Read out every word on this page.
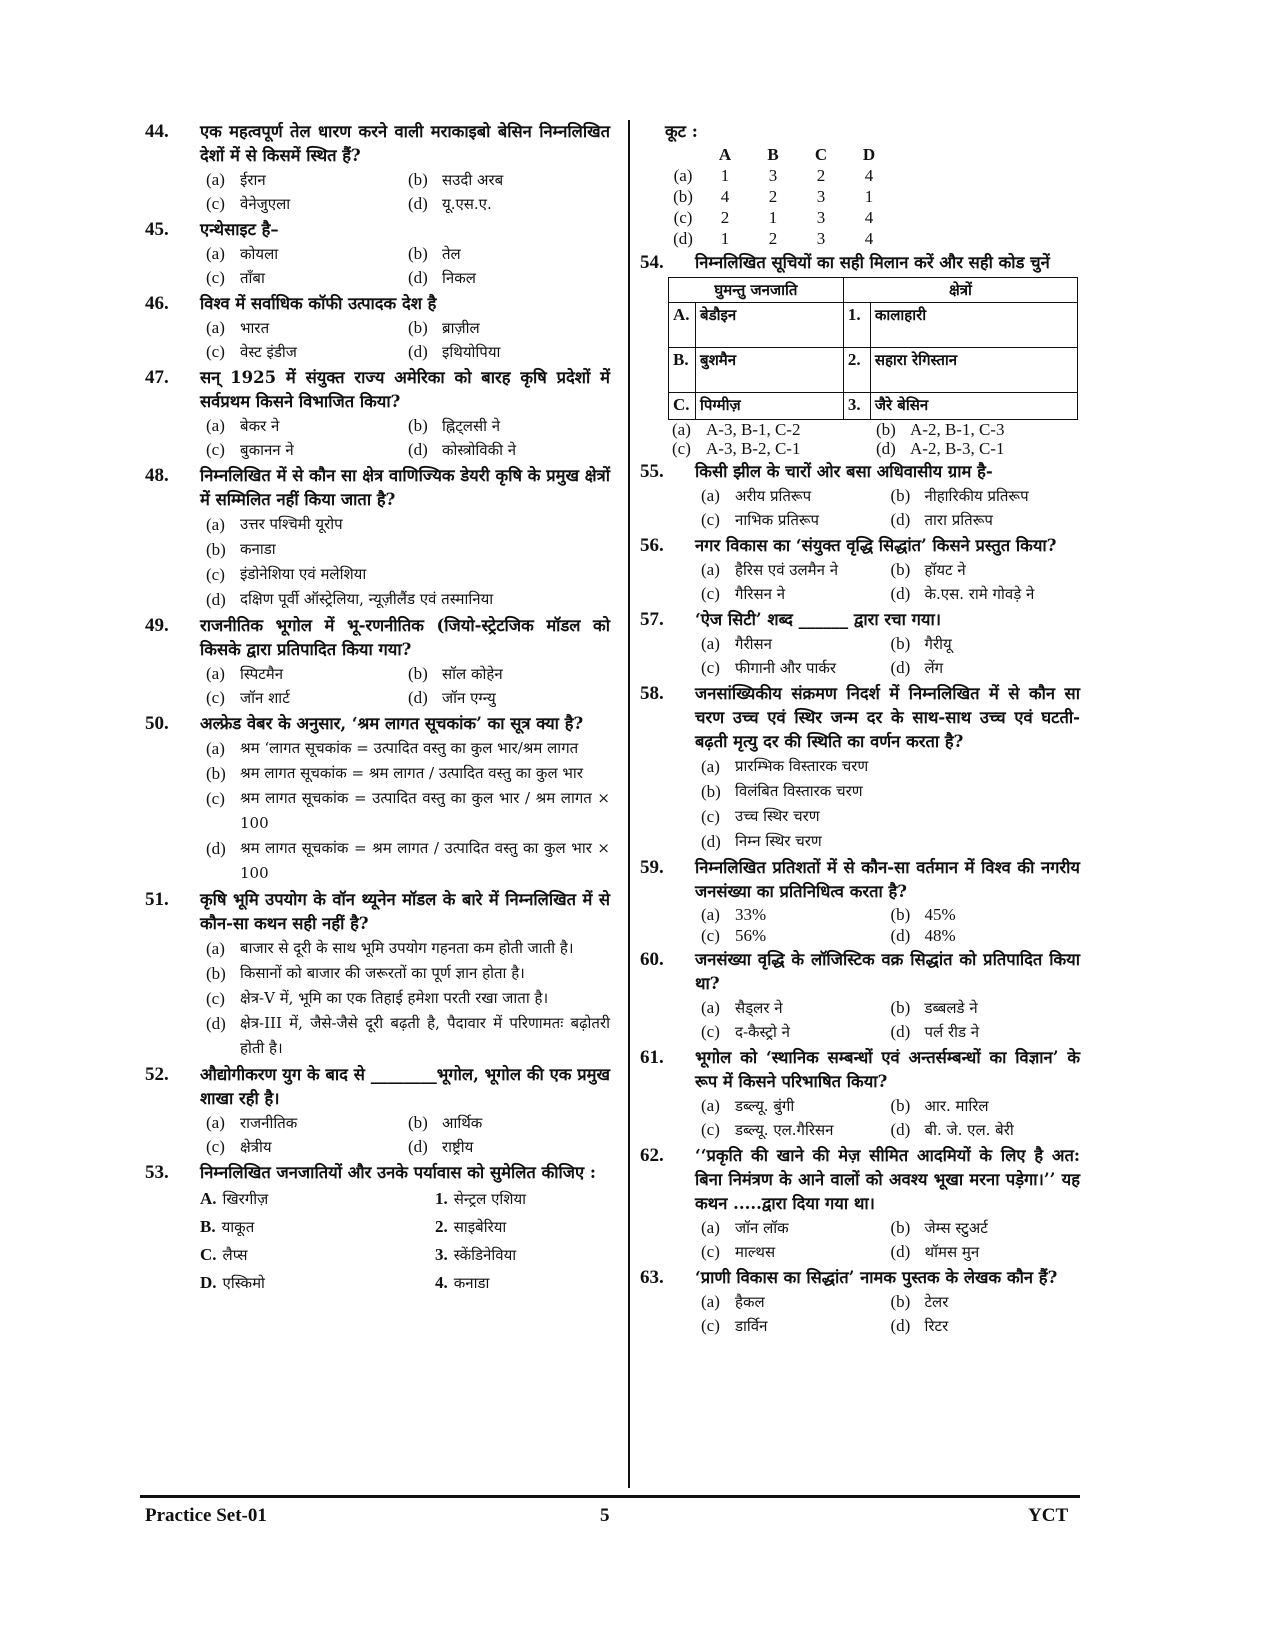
44. एक महत्वपूर्ण तेल धारण करने वाली मराकाइबो बेसिन निम्नलिखित देशों में से किसमें स्थित हैं?
(a)	ईरान	(b) सउदी अरब
(c)	वेनेजुएला	(d) यू.एस.ए.
45. एन्थेसाइट है–
(a)	कोयला	(b) तेल
(c)	ताँबा	(d) निकल
46. विश्व में सर्वाधिक कॉफी उत्पादक देश है
(a)	भारत	(b) ब्राज़ील
(c)	वेस्ट इंडीज	(d) इथियोपिया
47. सन् 1925 में संयुक्त राज्य अमेरिका को बारह कृषि प्रदेशों में सर्वप्रथम किसने विभाजित किया?
(a)	बेकर ने	(b) ह्निट्लसी ने
(c)	बुकानन ने	(d) कोस्त्रोविकी ने
48. निम्नलिखित में से कौन सा क्षेत्र वाणिज्यिक डेयरी कृषि के प्रमुख क्षेत्रों में सम्मिलित नहीं किया जाता है?
(a)	उत्तर पश्चिमी यूरोप
(b) कनाडा
(c)	इंडोनेशिया एवं मलेशिया
(d) दक्षिण पूर्वी ऑस्ट्रेलिया, न्यूज़ीलैंड एवं तस्मानिया
49. राजनीतिक भूगोल में भू-रणनीतिक (जियो-स्ट्रेटजिक मॉडल को किसके द्वारा प्रतिपादित किया गया?
(a)	स्पिटमैन	(b) सॉल कोहेन
(c)	जॉन शार्ट	(d) जॉन एग्न्यु
50. अल्फ्रेड वेबर के अनुसार, ‘श्रम लागत सूचकांक’ का सूत्र क्या है?
(a)	श्रम ‘लागत सूचकांक = उत्पादित वस्तु का कुल भार/श्रम लागत
(b) श्रम लागत सूचकांक = श्रम लागत / उत्पादित वस्तु का कुल भार
(c)	श्रम लागत सूचकांक = उत्पादित वस्तु का कुल भार / श्रम लागत × 100
(d) श्रम लागत सूचकांक = श्रम लागत / उत्पादित वस्तु का कुल भार × 100
51. कृषि भूमि उपयोग के वॉन थ्यूनेन मॉडल के बारे में निम्नलिखित में से कौन-सा कथन सही नहीं है?
(a)	बाजार से दूरी के साथ भूमि उपयोग गहनता कम होती जाती है।
(b) किसानों को बाजार की जरूरतों का पूर्ण ज्ञान होता है।
(c)	क्षेत्र-V में, भूमि का एक तिहाई हमेशा परती रखा जाता है।
(d) क्षेत्र-III में, जैसे-जैसे दूरी बढ़ती है, पैदावार में परिणामतः बढ़ोतरी होती है।
52. औद्योगीकरण युग के बाद से ________भूगोल, भूगोल की एक प्रमुख शाखा रही है।
(a)	राजनीतिक	(b) आर्थिक
(c)	क्षेत्रीय	(d) राष्ट्रीय
53. निम्नलिखित जनजातियों और उनके पर्यावास को सुमेलित कीजिए :
A. खिरगीज़	1. सेन्ट्रल एशिया
B. याकूत	2. साइबेरिया
C. लैप्स	3. स्केंडिनेविया
D. एस्किमो	4. कनाडा
कूट :
A	B	C	D
(a)	1	3	2	4
(b)	4	2	3	1
(c)	2	1	3	4
(d)	1	2	3	4
54. निम्नलिखित सूचियों का सही मिलान करें और सही कोड चुनें
घुमन्तु जनजाति		क्षेत्रों	
A.	बेडौइन	1.	कालाहारी
B.	बुशमैन	2.	सहारा रेगिस्तान
C.	पिग्मीज़	3.	जैरे बेसिन
(a) A-3, B-1, C-2	(b) A-2, B-1, C-3
(c) A-3, B-2, C-1	(d) A-2, B-3, C-1
55. किसी झील के चारों ओर बसा अधिवासीय ग्राम है-
(a)	अरीय प्रतिरूप	(b) नीहारिकीय प्रतिरूप
(c)	नाभिक प्रतिरूप	(d) तारा प्रतिरूप
56. नगर विकास का ‘संयुक्त वृद्धि सिद्धांत’ किसने प्रस्तुत किया?
(a)	हैरिस एवं उलमैन ने	(b) हॉयट ने
(c)	गैरिसन ने	(d) के.एस. रामे गोवड़े ने
57. ‘ऐज सिटी’ शब्द ______ द्वारा रचा गया।
(a)	गैरीसन	(b) गैरीयू
(c)	फीगानी और पार्कर	(d) लेंग
58. जनसांख्यिकीय संक्रमण निदर्श में निम्नलिखित में से कौन सा चरण उच्च एवं स्थिर जन्म दर के साथ-साथ उच्च एवं घटती-बढ़ती मृत्यु दर की स्थिति का वर्णन करता है?
(a)	प्रारम्भिक विस्तारक चरण
(b) विलंबित विस्तारक चरण
(c)	उच्च स्थिर चरण
(d) निम्न स्थिर चरण
59. निम्नलिखित प्रतिशतों में से कौन-सा वर्तमान में विश्व की नगरीय जनसंख्या का प्रतिनिधित्व करता है?
(a) 33%	(b) 45%
(c) 56%	(d) 48%
60. जनसंख्या वृद्धि के लॉजिस्टिक वक्र सिद्धांत को प्रतिपादित किया था?
(a)	सैड्लर ने	(b) डब्बलडे ने
(c)	द-कैस्ट्रो ने	(d) पर्ल रीड ने
61. भूगोल को ‘स्थानिक सम्बन्धों एवं अन्तर्सम्बन्धों का विज्ञान’ के रूप में किसने परिभाषित किया?
(a)	डब्ल्यू. बुंगी	(b) आर. मारिल
(c)	डब्ल्यू. एल.गैरिसन	(d) बी. जे. एल. बेरी
62. ‘‘प्रकृति की खाने की मेज़ सीमित आदमियों के लिए है अत: बिना निमंत्रण के आने वालों को अवश्य भूखा मरना पड़ेगा।’’ यह कथन .....द्वारा दिया गया था।
(a)	जॉन लॉक	(b) जेम्स स्टुअर्ट
(c)	माल्थस	(d) थॉमस मुन
63. ‘प्राणी विकास का सिद्धांत’ नामक पुस्तक के लेखक कौन हैं?
(a)	हैकल	(b) टेलर
(c)	डार्विन	(d) रिटर
Practice Set-01	5	YCT
